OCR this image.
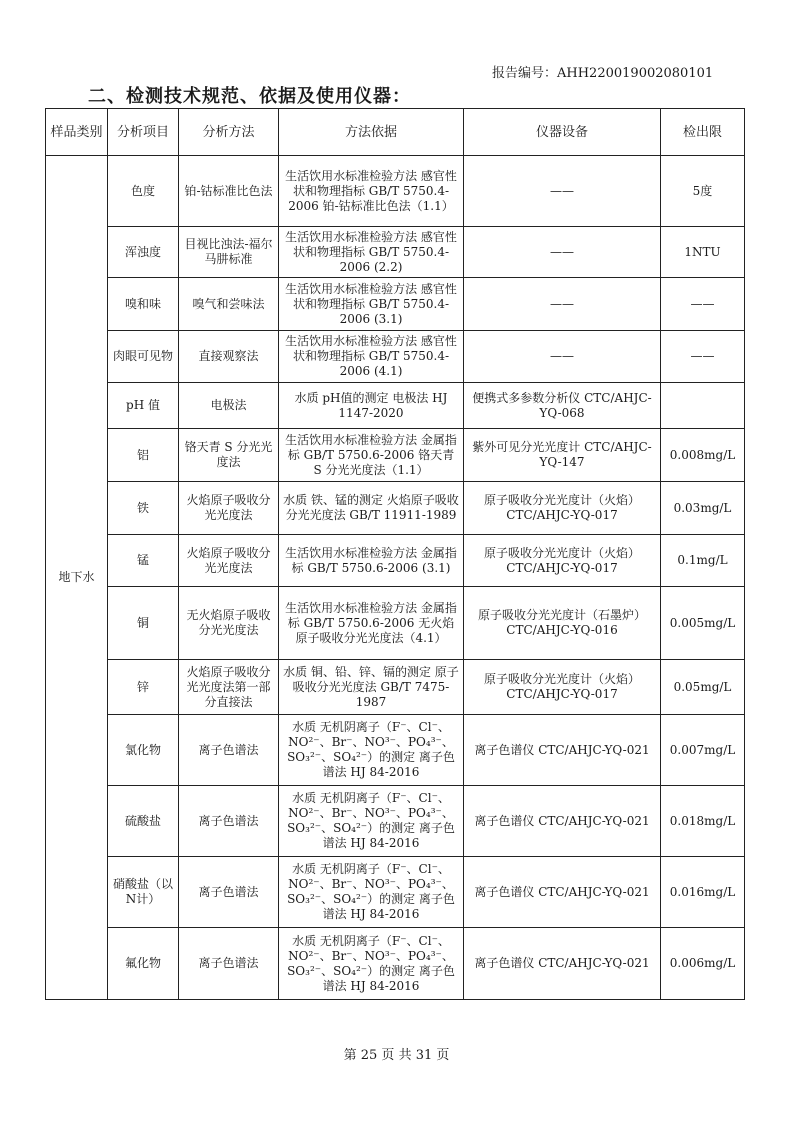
报告编号：AHH220019002080101
二、检测技术规范、依据及使用仪器：
样品类别	分析项目	分析方法	方法依据	仪器设备	检出限
地下水	色度	铂-钴标准比色法	生活饮用水标准检验方法 感官性状和物理指标 GB/T 5750.4-2006 铂-钴标准比色法（1.1）	——	5度
	浑浊度	目视比浊法-福尔马肼标准	生活饮用水标准检验方法 感官性状和物理指标 GB/T 5750.4-2006 (2.2)	——	1NTU
	嗅和味	嗅气和尝味法	生活饮用水标准检验方法 感官性状和物理指标 GB/T 5750.4-2006 (3.1)	——	——
	肉眼可见物	直接观察法	生活饮用水标准检验方法 感官性状和物理指标 GB/T 5750.4-2006 (4.1)	——	——
	pH 值	电极法	水质 pH值的测定 电极法 HJ 1147-2020	便携式多参数分析仪 CTC/AHJC-YQ-068	
	铝	铬天青 S 分光光度法	生活饮用水标准检验方法 金属指标 GB/T 5750.6-2006 铬天青 S 分光光度法（1.1）	紫外可见分光光度计 CTC/AHJC-YQ-147	0.008mg/L
	铁	火焰原子吸收分光光度法	水质 铁、锰的测定 火焰原子吸收分光光度法 GB/T 11911-1989	原子吸收分光光度计（火焰） CTC/AHJC-YQ-017	0.03mg/L
	锰	火焰原子吸收分光光度法	生活饮用水标准检验方法 金属指标 GB/T 5750.6-2006 (3.1)	原子吸收分光光度计（火焰） CTC/AHJC-YQ-017	0.1mg/L
	铜	无火焰原子吸收分光光度法	生活饮用水标准检验方法 金属指标 GB/T 5750.6-2006 无火焰原子吸收分光光度法（4.1）	原子吸收分光光度计（石墨炉） CTC/AHJC-YQ-016	0.005mg/L
	锌	火焰原子吸收分光光度法第一部分直接法	水质 铜、铅、锌、镉的测定 原子吸收分光光度法 GB/T 7475-1987	原子吸收分光光度计（火焰） CTC/AHJC-YQ-017	0.05mg/L
	氯化物	离子色谱法	水质 无机阴离子（F⁻、Cl⁻、NO²⁻、Br⁻、NO³⁻、PO₄³⁻、SO₃²⁻、SO₄²⁻）的测定 离子色谱法 HJ 84-2016	离子色谱仪 CTC/AHJC-YQ-021	0.007mg/L
	硫酸盐	离子色谱法	水质 无机阴离子（F⁻、Cl⁻、NO²⁻、Br⁻、NO³⁻、PO₄³⁻、SO₃²⁻、SO₄²⁻）的测定 离子色谱法 HJ 84-2016	离子色谱仪 CTC/AHJC-YQ-021	0.018mg/L
	硝酸盐（以N计）	离子色谱法	水质 无机阴离子（F⁻、Cl⁻、NO²⁻、Br⁻、NO³⁻、PO₄³⁻、SO₃²⁻、SO₄²⁻）的测定 离子色谱法 HJ 84-2016	离子色谱仪 CTC/AHJC-YQ-021	0.016mg/L
	氟化物	离子色谱法	水质 无机阴离子（F⁻、Cl⁻、NO²⁻、Br⁻、NO³⁻、PO₄³⁻、SO₃²⁻、SO₄²⁻）的测定 离子色谱法 HJ 84-2016	离子色谱仪 CTC/AHJC-YQ-021	0.006mg/L
第 25 页 共 31 页
